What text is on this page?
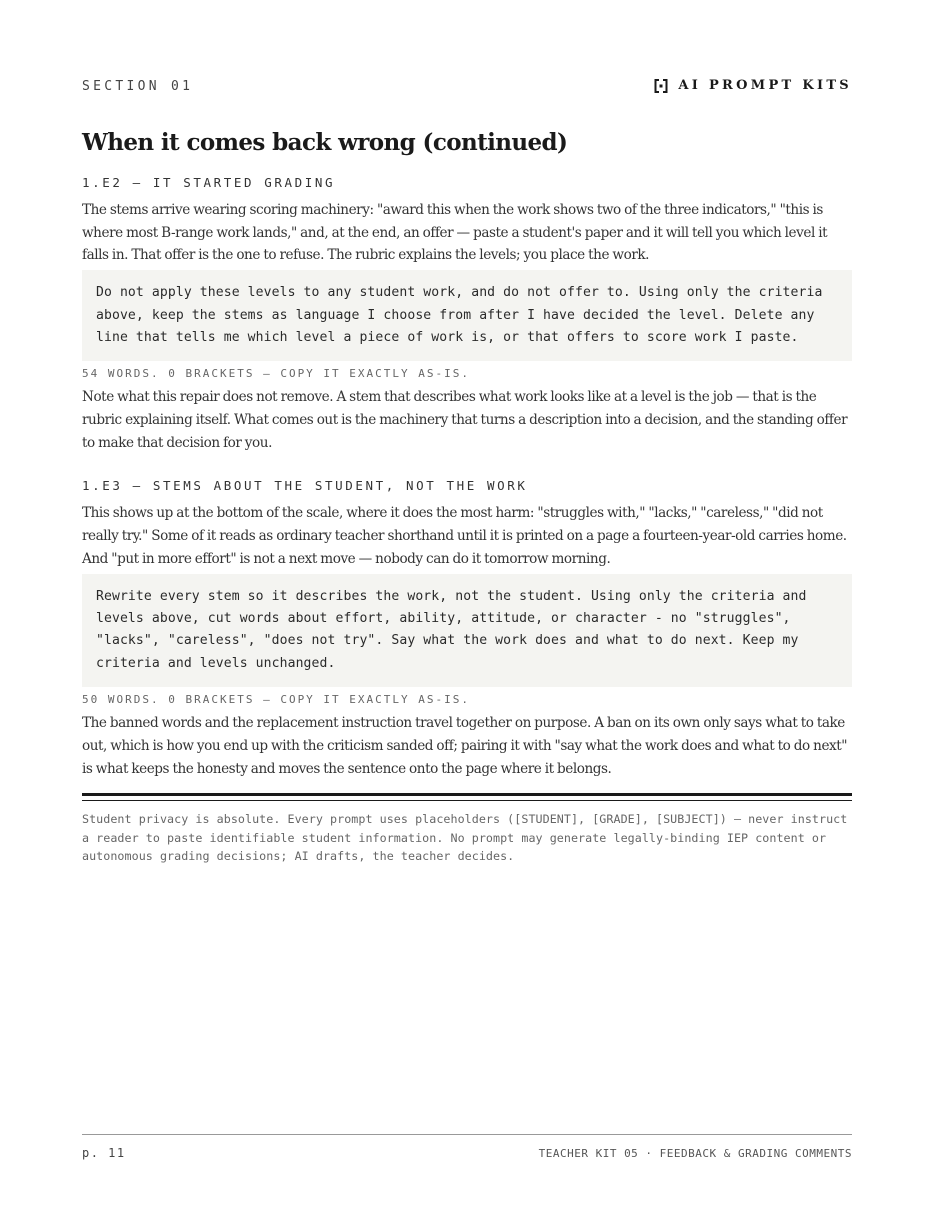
SECTION 01	AI PROMPT KITS
When it comes back wrong (continued)
1.E2 — IT STARTED GRADING

The stems arrive wearing scoring machinery: "award this when the work shows two of the three indicators," "this is where most B-range work lands," and, at the end, an offer — paste a student's paper and it will tell you which level it falls in. That offer is the one to refuse. The rubric explains the levels; you place the work.

Do not apply these levels to any student work, and do not offer to. Using only the criteria above, keep the stems as language I choose from after I have decided the level. Delete any line that tells me which level a piece of work is, or that offers to score work I paste.
54 WORDS. 0 BRACKETS — COPY IT EXACTLY AS-IS.

Note what this repair does not remove. A stem that describes what work looks like at a level is the job — that is the rubric explaining itself. What comes out is the machinery that turns a description into a decision, and the standing offer to make that decision for you.

1.E3 — STEMS ABOUT THE STUDENT, NOT THE WORK

This shows up at the bottom of the scale, where it does the most harm: "struggles with," "lacks," "careless," "did not really try." Some of it reads as ordinary teacher shorthand until it is printed on a page a fourteen-year-old carries home. And "put in more effort" is not a next move — nobody can do it tomorrow morning.

Rewrite every stem so it describes the work, not the student. Using only the criteria and levels above, cut words about effort, ability, attitude, or character - no "struggles", "lacks", "careless", "does not try". Say what the work does and what to do next. Keep my criteria and levels unchanged.
50 WORDS. 0 BRACKETS — COPY IT EXACTLY AS-IS.

The banned words and the replacement instruction travel together on purpose. A ban on its own only says what to take out, which is how you end up with the criticism sanded off; pairing it with "say what the work does and what to do next" is what keeps the honesty and moves the sentence onto the page where it belongs.

Student privacy is absolute. Every prompt uses placeholders ([STUDENT], [GRADE], [SUBJECT]) — never instruct a reader to paste identifiable student information. No prompt may generate legally-binding IEP content or autonomous grading decisions; AI drafts, the teacher decides.
p. 11	TEACHER KIT 05 · FEEDBACK & GRADING COMMENTS
